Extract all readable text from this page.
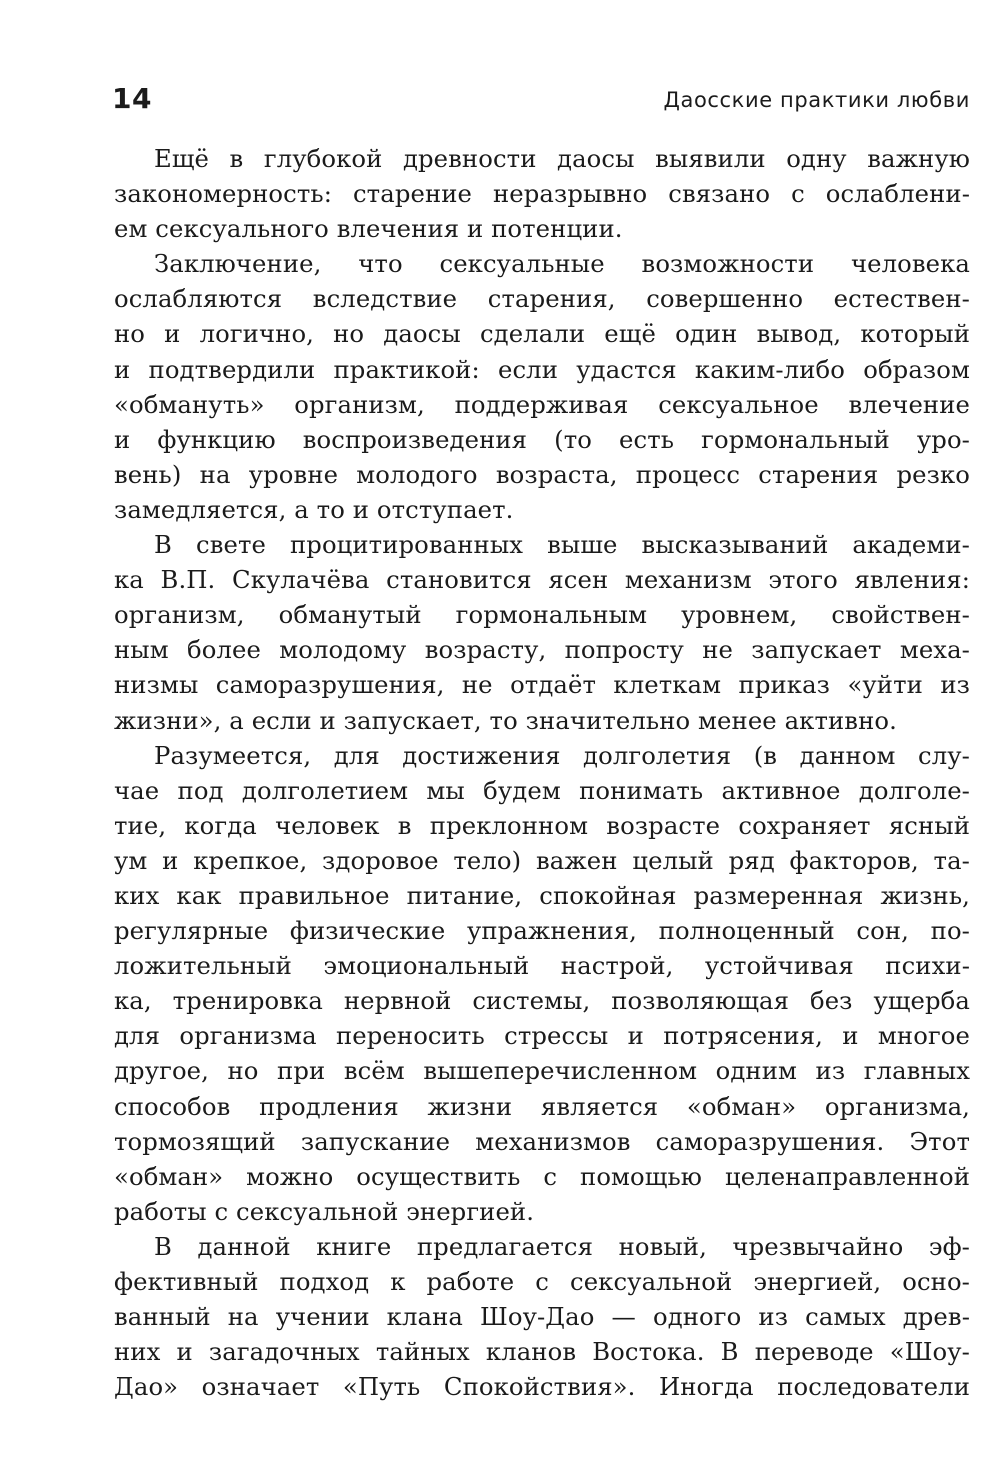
14	Даосские практики любви

Ещё в глубокой древности даосы выявили одну важную
закономерность: старение неразрывно связано с ослаблени-
ем сексуального влечения и потенции.

Заключение, что сексуальные возможности человека
ослабляются вследствие старения, совершенно естествен-
но и логично, но даосы сделали ещё один вывод, который
и подтвердили практикой: если удастся каким-либо образом
«обмануть» организм, поддерживая сексуальное влечение
и функцию воспроизведения (то есть гормональный уро-
вень) на уровне молодого возраста, процесс старения резко
замедляется, а то и отступает.

В свете процитированных выше высказываний академи-
ка В.П. Скулачёва становится ясен механизм этого явления:
организм, обманутый гормональным уровнем, свойствен-
ным более молодому возрасту, попросту не запускает меха-
низмы саморазрушения, не отдаёт клеткам приказ «уйти из
жизни», а если и запускает, то значительно менее активно.

Разумеется, для достижения долголетия (в данном слу-
чае под долголетием мы будем понимать активное долголе-
тие, когда человек в преклонном возрасте сохраняет ясный
ум и крепкое, здоровое тело) важен целый ряд факторов, та-
ких как правильное питание, спокойная размеренная жизнь,
регулярные физические упражнения, полноценный сон, по-
ложительный эмоциональный настрой, устойчивая психи-
ка, тренировка нервной системы, позволяющая без ущерба
для организма переносить стрессы и потрясения, и многое
другое, но при всём вышеперечисленном одним из главных
способов продления жизни является «обман» организма,
тормозящий запускание механизмов саморазрушения. Этот
«обман» можно осуществить с помощью целенаправленной
работы с сексуальной энергией.

В данной книге предлагается новый, чрезвычайно эф-
фективный подход к работе с сексуальной энергией, осно-
ванный на учении клана Шоу-Дао — одного из самых древ-
них и загадочных тайных кланов Востока. В переводе «Шоу-
Дао» означает «Путь Спокойствия». Иногда последователи
